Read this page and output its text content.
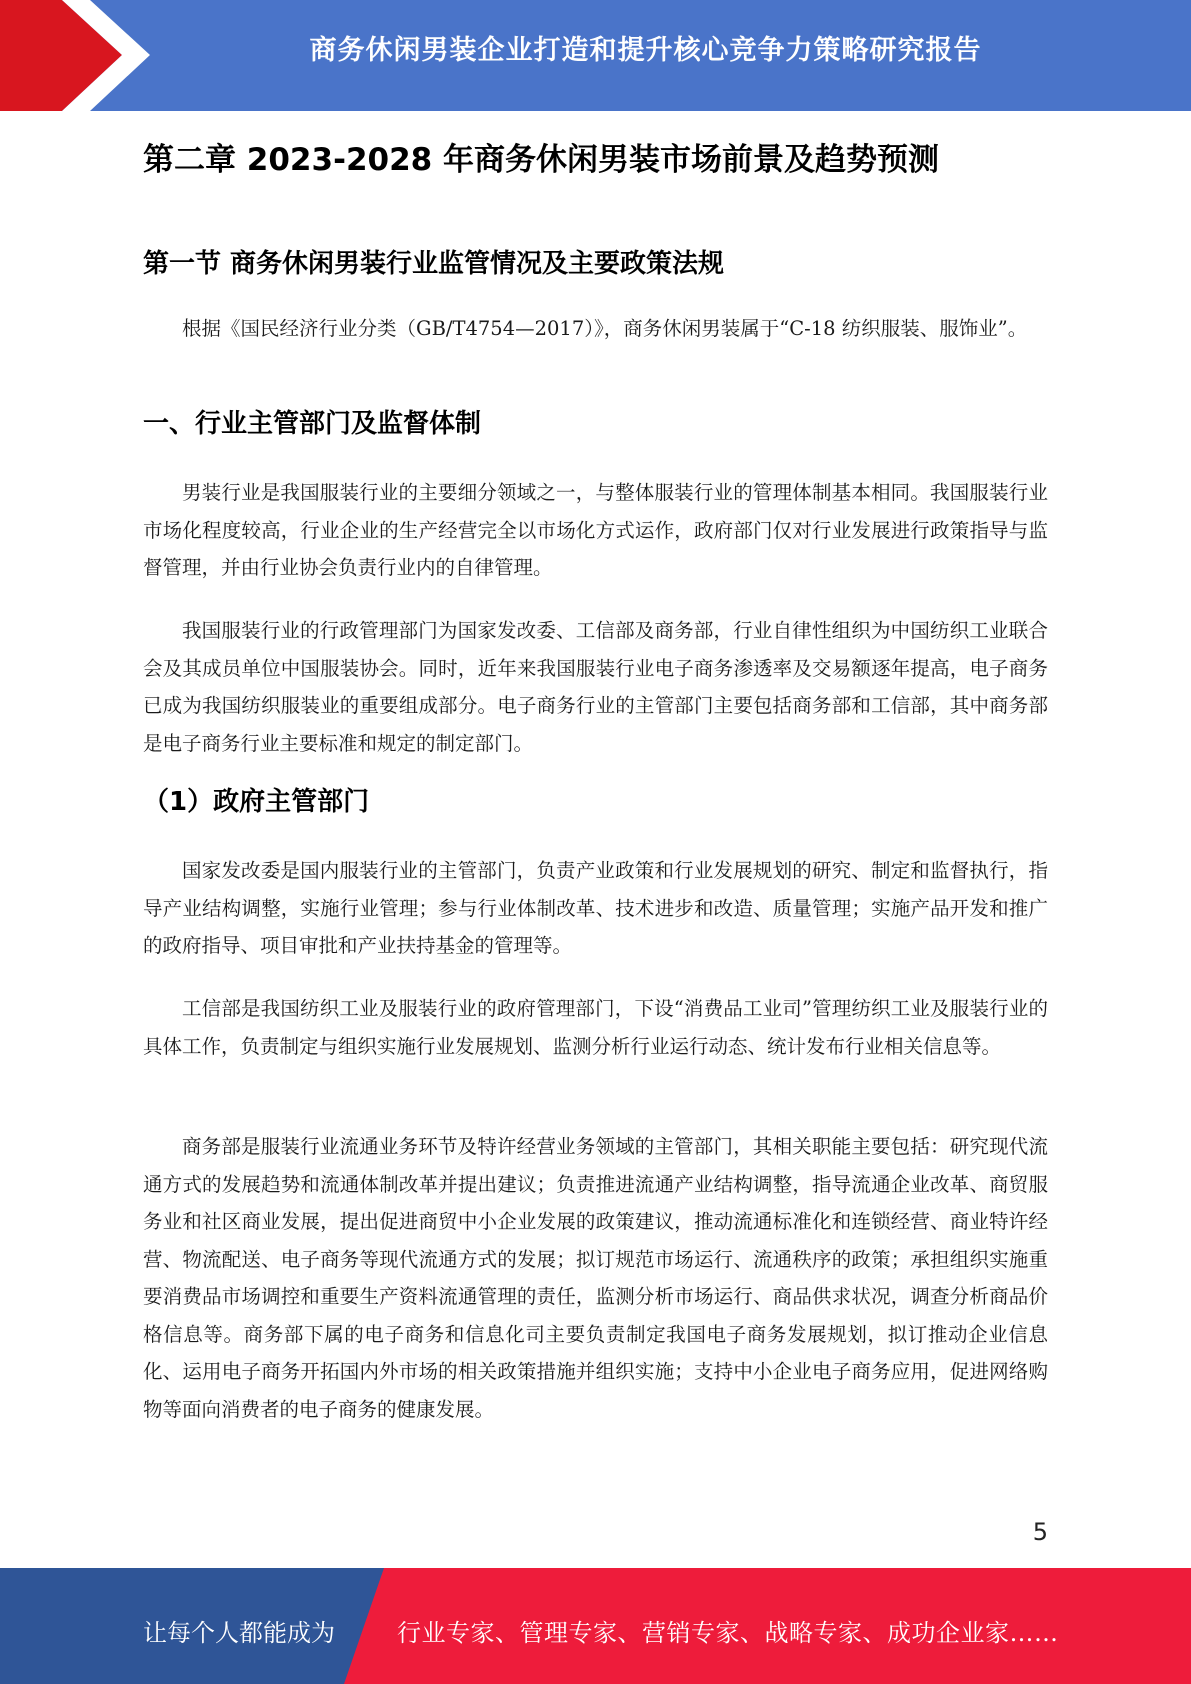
商务休闲男装企业打造和提升核心竞争力策略研究报告
第二章 2023-2028 年商务休闲男装市场前景及趋势预测
第一节 商务休闲男装行业监管情况及主要政策法规

根据《国民经济行业分类（GB/T4754—2017）》，商务休闲男装属于“C-18 纺织服装、服饰业”。

一、行业主管部门及监督体制

男装行业是我国服装行业的主要细分领域之一，与整体服装行业的管理体制基本相同。我国服装行业市场化程度较高，行业企业的生产经营完全以市场化方式运作，政府部门仅对行业发展进行政策指导与监督管理，并由行业协会负责行业内的自律管理。

我国服装行业的行政管理部门为国家发改委、工信部及商务部，行业自律性组织为中国纺织工业联合会及其成员单位中国服装协会。同时，近年来我国服装行业电子商务渗透率及交易额逐年提高，电子商务已成为我国纺织服装业的重要组成部分。电子商务行业的主管部门主要包括商务部和工信部，其中商务部是电子商务行业主要标准和规定的制定部门。

（1）政府主管部门

国家发改委是国内服装行业的主管部门，负责产业政策和行业发展规划的研究、制定和监督执行，指导产业结构调整，实施行业管理；参与行业体制改革、技术进步和改造、质量管理；实施产品开发和推广的政府指导、项目审批和产业扶持基金的管理等。

工信部是我国纺织工业及服装行业的政府管理部门，下设“消费品工业司”管理纺织工业及服装行业的具体工作，负责制定与组织实施行业发展规划、监测分析行业运行动态、统计发布行业相关信息等。

商务部是服装行业流通业务环节及特许经营业务领域的主管部门，其相关职能主要包括：研究现代流通方式的发展趋势和流通体制改革并提出建议；负责推进流通产业结构调整，指导流通企业改革、商贸服务业和社区商业发展，提出促进商贸中小企业发展的政策建议，推动流通标准化和连锁经营、商业特许经营、物流配送、电子商务等现代流通方式的发展；拟订规范市场运行、流通秩序的政策；承担组织实施重要消费品市场调控和重要生产资料流通管理的责任，监测分析市场运行、商品供求状况，调查分析商品价格信息等。商务部下属的电子商务和信息化司主要负责制定我国电子商务发展规划，拟订推动企业信息化、运用电子商务开拓国内外市场的相关政策措施并组织实施；支持中小企业电子商务应用，促进网络购物等面向消费者的电子商务的健康发展。

5
让每个人都能成为	行业专家、管理专家、营销专家、战略专家、成功企业家……
